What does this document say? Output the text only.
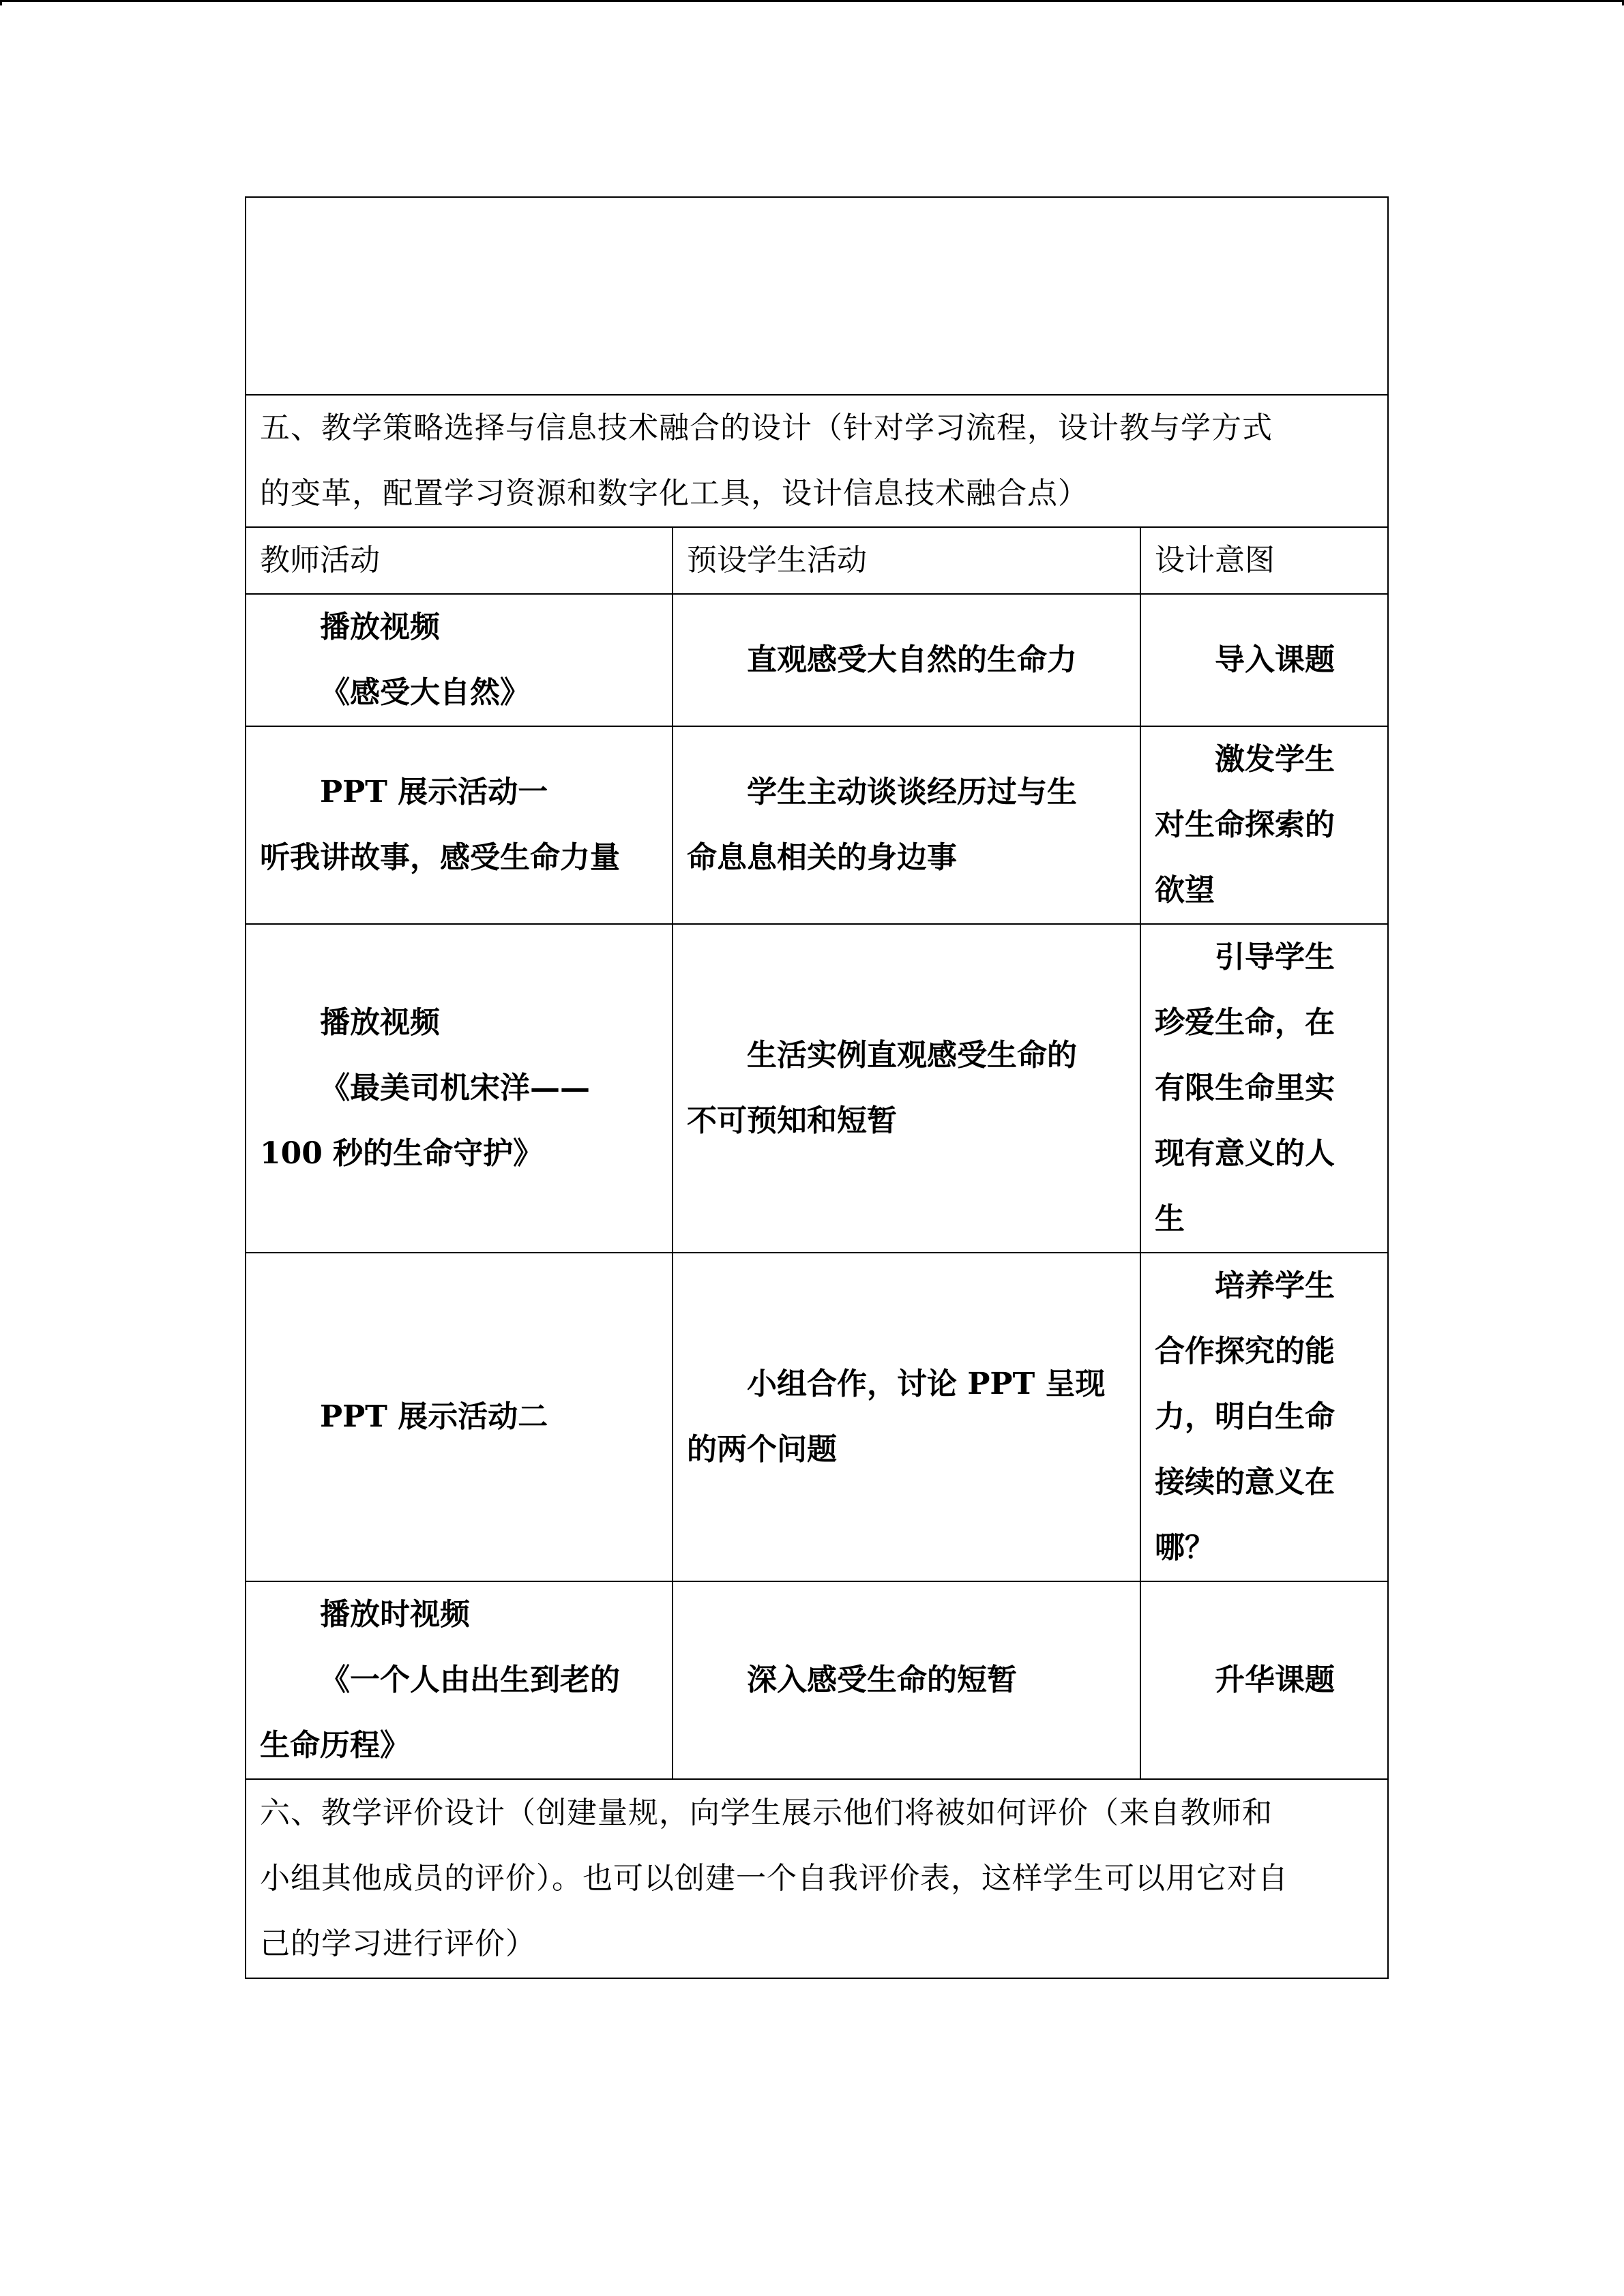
五、教学策略选择与信息技术融合的设计（针对学习流程，设计教与学方式
的变革，配置学习资源和数字化工具，设计信息技术融合点）		

教师活动	预设学生活动	设计意图

播放视频
《感受大自然》	直观感受大自然的生命力	导入课题

PPT 展示活动一
听我讲故事，感受生命力量	学生主动谈谈经历过与生
命息息相关的身边事	激发学生
对生命探索的
欲望

播放视频
《最美司机宋洋——
100 秒的生命守护》	生活实例直观感受生命的
不可预知和短暂	引导学生
珍爱生命，在
有限生命里实
现有意义的人
生

PPT 展示活动二	小组合作，讨论 PPT 呈现
的两个问题	培养学生
合作探究的能
力，明白生命
接续的意义在
哪？

播放时视频
《一个人由出生到老的
生命历程》	深入感受生命的短暂	升华课题

六、教学评价设计（创建量规，向学生展示他们将被如何评价（来自教师和
小组其他成员的评价）。也可以创建一个自我评价表，这样学生可以用它对自
己的学习进行评价）		
